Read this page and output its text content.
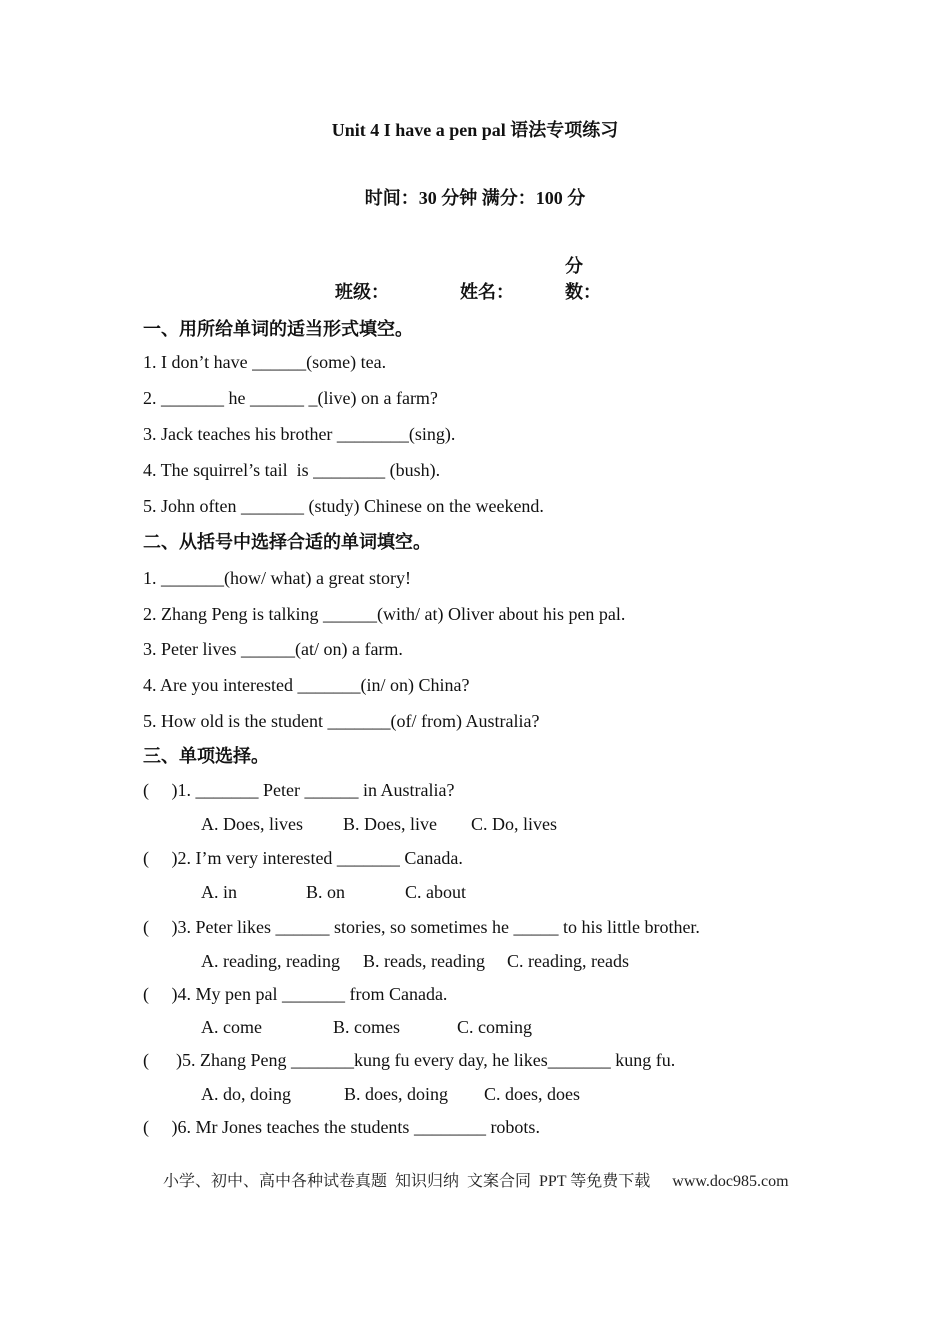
Unit 4 I have a pen pal 语法专项练习
时间：30 分钟 满分：100 分
班级：	姓名：分数：
一、用所给单词的适当形式填空。
1. I don’t have ______(some) tea.
2. _______ he ______ _(live) on a farm?
3. Jack teaches his brother ________(sing).
4. The squirrel’s tail  is ________ (bush).
5. John often _______ (study) Chinese on the weekend.
二、从括号中选择合适的单词填空。
1. _______(how/ what) a great story!
2. Zhang Peng is talking ______(with/ at) Oliver about his pen pal.
3. Peter lives ______(at/ on) a farm.
4. Are you interested _______(in/ on) China?
5. How old is the student _______(of/ from) Australia?
三、单项选择。
(     )1. _______ Peter ______ in Australia?
A. Does, lives B. Does, live C. Do, lives
(     )2. I’m very interested _______ Canada.
A. in	B. on	C. about
(     )3. Peter likes ______ stories, so sometimes he _____ to his little brother.
A. reading, reading B. reads, reading C. reading, reads
(     )4. My pen pal _______ from Canada.
A. come	B. comes	C. coming
(      )5. Zhang Peng _______kung fu every day, he likes_______ kung fu.
A. do, doing	B. does, doing C. does, does
(     )6. Mr Jones teaches the students ________ robots.
小学、初中、高中各种试卷真题  知识归纳  文案合同  PPT 等免费下载 www.doc985.com
